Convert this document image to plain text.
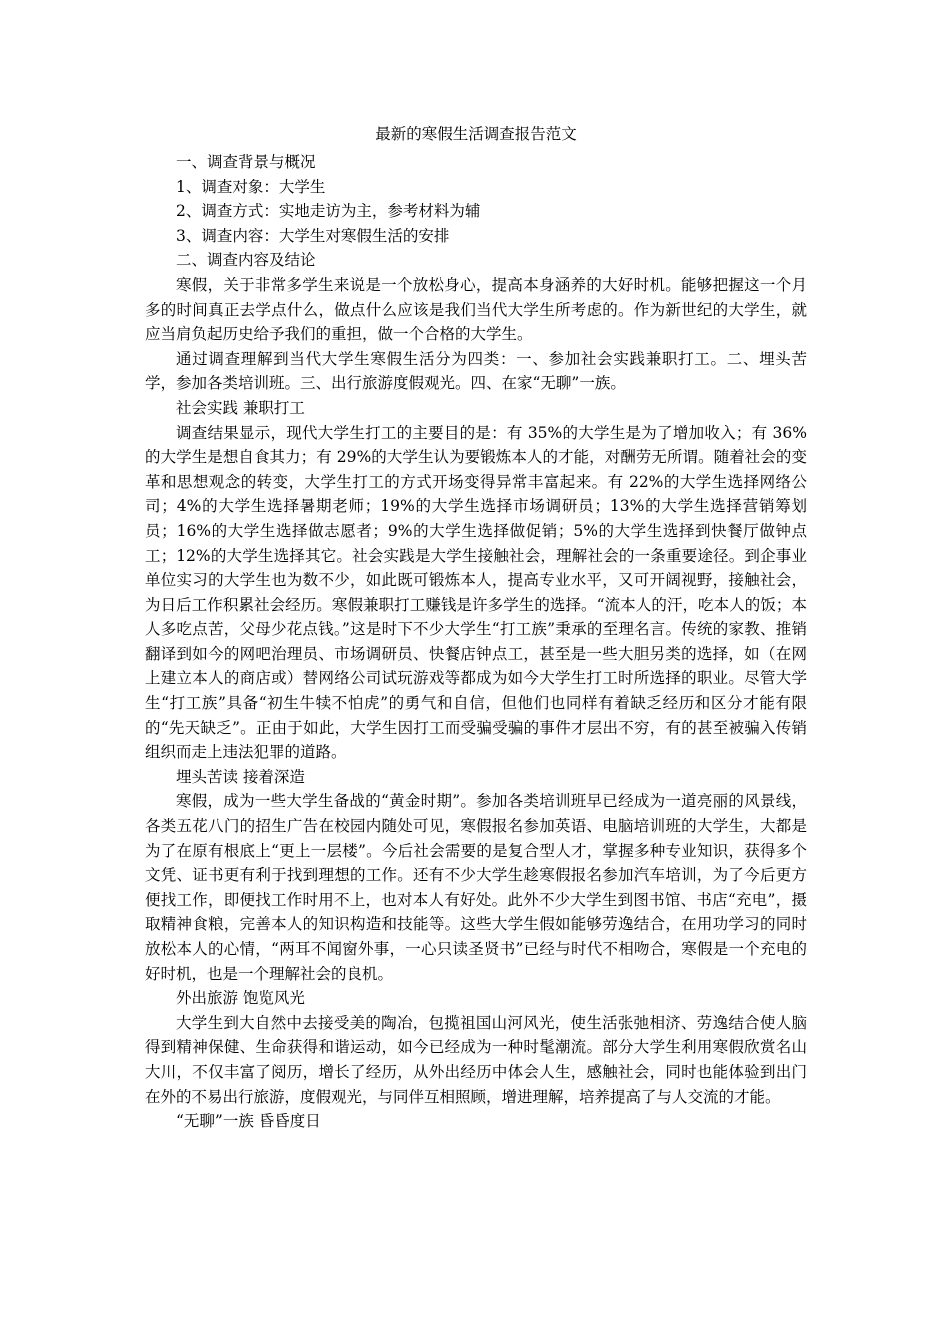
最新的寒假生活调查报告范文

一、调查背景与概况

1、调查对象：大学生

2、调查方式：实地走访为主，参考材料为辅

3、调查内容：大学生对寒假生活的安排

二、调查内容及结论

寒假，关于非常多学生来说是一个放松身心，提高本身涵养的大好时机。能够把握这一个月多的时间真正去学点什么，做点什么应该是我们当代大学生所考虑的。作为新世纪的大学生，就应当肩负起历史给予我们的重担，做一个合格的大学生。

通过调查理解到当代大学生寒假生活分为四类：一、参加社会实践兼职打工。二、埋头苦学，参加各类培训班。三、出行旅游度假观光。四、在家“无聊”一族。

社会实践 兼职打工

调查结果显示，现代大学生打工的主要目的是：有 35%的大学生是为了增加收入；有 36%的大学生是想自食其力；有 29%的大学生认为要锻炼本人的才能，对酬劳无所谓。随着社会的变革和思想观念的转变，大学生打工的方式开场变得异常丰富起来。有 22%的大学生选择网络公司；4%的大学生选择暑期老师；19%的大学生选择市场调研员；13%的大学生选择营销筹划员；16%的大学生选择做志愿者；9%的大学生选择做促销；5%的大学生选择到快餐厅做钟点工；12%的大学生选择其它。社会实践是大学生接触社会，理解社会的一条重要途径。到企事业单位实习的大学生也为数不少，如此既可锻炼本人，提高专业水平，又可开阔视野，接触社会，为日后工作积累社会经历。寒假兼职打工赚钱是许多学生的选择。“流本人的汗，吃本人的饭；本人多吃点苦，父母少花点钱。”这是时下不少大学生“打工族”秉承的至理名言。传统的家教、推销翻译到如今的网吧治理员、市场调研员、快餐店钟点工，甚至是一些大胆另类的选择，如（在网上建立本人的商店或）替网络公司试玩游戏等都成为如今大学生打工时所选择的职业。尽管大学生“打工族”具备“初生牛犊不怕虎”的勇气和自信，但他们也同样有着缺乏经历和区分才能有限的“先天缺乏”。正由于如此，大学生因打工而受骗受骗的事件才层出不穷，有的甚至被骗入传销组织而走上违法犯罪的道路。

埋头苦读 接着深造

寒假，成为一些大学生备战的“黄金时期”。参加各类培训班早已经成为一道亮丽的风景线，各类五花八门的招生广告在校园内随处可见，寒假报名参加英语、电脑培训班的大学生，大都是为了在原有根底上“更上一层楼”。今后社会需要的是复合型人才，掌握多种专业知识，获得多个文凭、证书更有利于找到理想的工作。还有不少大学生趁寒假报名参加汽车培训，为了今后更方便找工作，即便找工作时用不上，也对本人有好处。此外不少大学生到图书馆、书店“充电”，摄取精神食粮，完善本人的知识构造和技能等。这些大学生假如能够劳逸结合，在用功学习的同时放松本人的心情，“两耳不闻窗外事，一心只读圣贤书”已经与时代不相吻合，寒假是一个充电的好时机，也是一个理解社会的良机。

外出旅游 饱览风光

大学生到大自然中去接受美的陶冶，包揽祖国山河风光，使生活张弛相济、劳逸结合使人脑得到精神保健、生命获得和谐运动，如今已经成为一种时髦潮流。部分大学生利用寒假欣赏名山大川，不仅丰富了阅历，增长了经历，从外出经历中体会人生，感触社会，同时也能体验到出门在外的不易出行旅游，度假观光，与同伴互相照顾，增进理解，培养提高了与人交流的才能。

“无聊”一族 昏昏度日
